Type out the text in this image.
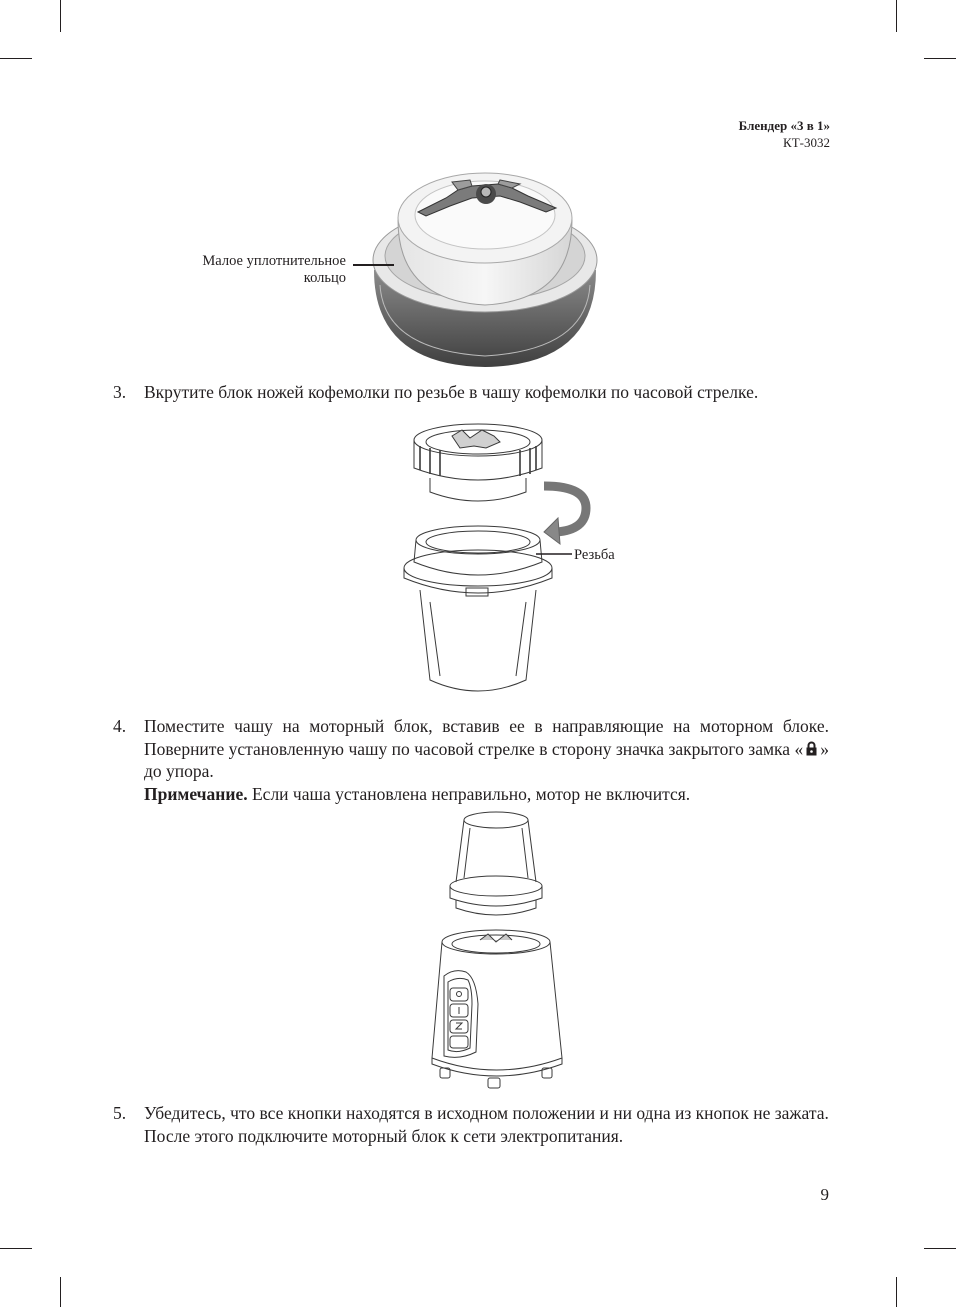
Блендер «3 в 1»
КТ-3032
Малое уплотнительное
кольцо
3. Вкрутите блок ножей кофемолки по резьбе в чашу кофемолки по часовой стрелке.
Резьба
4. Поместите чашу на моторный блок, вставив ее в направляющие на моторном блоке. Поверните установленную чашу по часовой стрелке в сторону значка закрытого замка « » до упора.
Примечание. Если чаша установлена неправильно, мотор не включится.
5. Убедитесь, что все кнопки находятся в исходном положении и ни одна из кнопок не зажата. После этого подключите моторный блок к сети электропитания.
9
